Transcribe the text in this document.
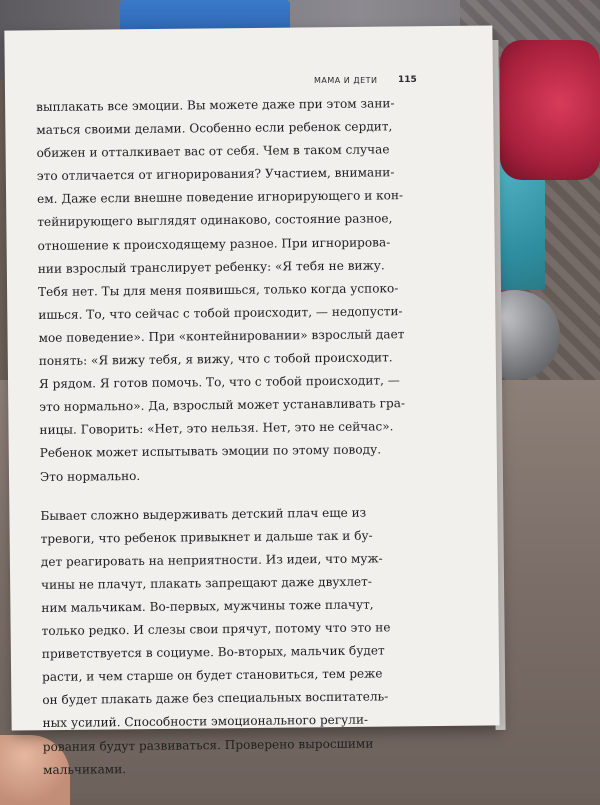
МАМА И ДЕТИ 115
выплакать все эмоции. Вы можете даже при этом зани-
маться своими делами. Особенно если ребенок сердит,
обижен и отталкивает вас от себя. Чем в таком случае
это отличается от игнорирования? Участием, внимани-
ем. Даже если внешне поведение игнорирующего и кон-
тейнирующего выглядят одинаково, состояние разное,
отношение к происходящему разное. При игнорирова-
нии взрослый транслирует ребенку: «Я тебя не вижу.
Тебя нет. Ты для меня появишься, только когда успоко-
ишься. То, что сейчас с тобой происходит, — недопусти-
мое поведение». При «контейнировании» взрослый дает
понять: «Я вижу тебя, я вижу, что с тобой происходит.
Я рядом. Я готов помочь. То, что с тобой происходит, —
это нормально». Да, взрослый может устанавливать гра-
ницы. Говорить: «Нет, это нельзя. Нет, это не сейчас».
Ребенок может испытывать эмоции по этому поводу.
Это нормально.
Бывает сложно выдерживать детский плач еще из
тревоги, что ребенок привыкнет и дальше так и бу-
дет реагировать на неприятности. Из идеи, что муж-
чины не плачут, плакать запрещают даже двухлет-
ним мальчикам. Во-первых, мужчины тоже плачут,
только редко. И слезы свои прячут, потому что это не
приветствуется в социуме. Во-вторых, мальчик будет
расти, и чем старше он будет становиться, тем реже
он будет плакать даже без специальных воспитатель-
ных усилий. Способности эмоционального регули-
рования будут развиваться. Проверено выросшими
мальчиками.
